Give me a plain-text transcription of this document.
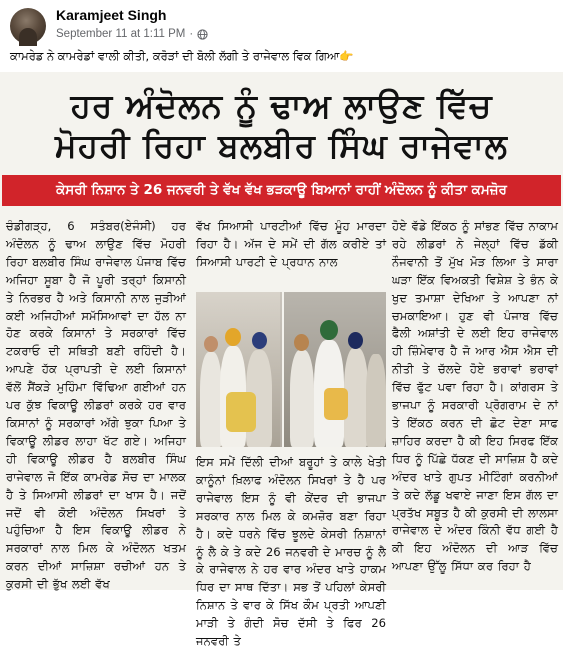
Karamjeet Singh
September 11 at 1:11 PM ·
ਕਾਮਰੇਡ ਨੇ ਕਾਮਰੇਡਾਂ ਵਾਲੀ ਕੀਤੀ, ਕਰੋੜਾਂ ਦੀ ਬੋਲੀ ਲੱਗੀ ਤੇ ਰਾਜੇਵਾਲ ਵਿਕ ਗਿਆ👉
ਹਰ ਅੰਦੋਲਨ ਨੂੰ ਢਾਅ ਲਾਉਣ ਵਿੱਚ
ਮੋਹਰੀ ਰਿਹਾ ਬਲਬੀਰ ਸਿੰਘ ਰਾਜੇਵਾਲ
ਕੇਸਰੀ ਨਿਸ਼ਾਨ ਤੇ 26 ਜਨਵਰੀ ਤੇ ਵੱਖ ਵੱਖ ਭੜਕਾਊ ਬਿਆਨਾਂ ਰਾਹੀਂ ਅੰਦੋਲਨ ਨੂੰ ਕੀਤਾ ਕਮਜ਼ੋਰ
ਚੰਡੀਗੜ੍ਹ, 6 ਸਤੰਬਰ(ਏਜੰਸੀ) ਹਰ ਅੰਦੋਲਨ ਨੂੰ ਢਾਅ ਲਾਉਣ ਵਿੱਚ ਮੋਹਰੀ ਰਿਹਾ ਬਲਬੀਰ ਸਿੰਘ ਰਾਜੇਵਾਲ ਪੰਜਾਬ ਵਿੱਚ ਅਜਿਹਾ ਸੂਬਾ ਹੈ ਜੋ ਪੂਰੀ ਤਰ੍ਹਾਂ ਕਿਸਾਨੀ ਤੇ ਨਿਰਭਰ ਹੈ ਅਤੇ ਕਿਸਾਨੀ ਨਾਲ ਜੁੜੀਆਂ ਕਈ ਅਜਿਹੀਆਂ ਸਮੱਸਿਆਵਾਂ ਦਾ ਹੱਲ ਨਾ ਹੋਣ ਕਰਕੇ ਕਿਸਾਨਾਂ ਤੇ ਸਰਕਾਰਾਂ ਵਿੱਚ ਟਕਰਾਓ ਦੀ ਸਥਿਤੀ ਬਣੀ ਰਹਿੰਦੀ ਹੈ। ਆਪਣੇ ਹੱਕ ਪ੍ਰਾਪਤੀ ਦੇ ਲਈ ਕਿਸਾਨਾਂ ਵੱਲੋਂ ਸੈਂਕੜੇ ਮੁਹਿੰਮਾ ਵਿੱਢਿਆ ਗਈਆਂ ਹਨ ਪਰ ਕੁੱਝ ਵਿਕਾਊ ਲੀਡਰਾਂ ਕਰਕੇ ਹਰ ਵਾਰ ਕਿਸਾਨਾਂ ਨੂੰ ਸਰਕਾਰਾਂ ਅੱਗੇ ਝੁਕਾ ਪਿਆ ਤੇ ਵਿਕਾਊ ਲੀਡਰ ਲਾਹਾ ਖੱਟ ਗਏ। ਅਜਿਹਾ ਹੀ ਵਿਕਾਊ ਲੀਡਰ ਹੈ ਬਲਬੀਰ ਸਿੰਘ ਰਾਜੇਵਾਲ ਜੋ ਇੱਕ ਕਾਮਰੇਡ ਸੋਚ ਦਾ ਮਾਲਕ ਹੈ ਤੇ ਸਿਆਸੀ ਲੀਡਰਾਂ ਦਾ ਖਾਸ ਹੈ। ਜਦੋਂ ਜਦੋਂ ਵੀ ਕੋਈ ਅੰਦੋਲਨ ਸਿਖਰਾਂ ਤੇ ਪਹੁੰਚਿਆ ਹੈ ਇਸ ਵਿਕਾਊ ਲੀਡਰ ਨੇ ਸਰਕਾਰਾਂ ਨਾਲ ਮਿਲ ਕੇ ਅੰਦੋਲਨ ਖਤਮ ਕਰਨ ਦੀਆਂ ਸਾਜ਼ਿਸ਼ਾ ਰਚੀਆਂ ਹਨ ਤੇ ਕੁਰਸੀ ਦੀ ਭੁੱਖ ਲਈ ਵੱਖ
ਵੱਖ ਸਿਆਸੀ ਪਾਰਟੀਆਂ ਵਿੱਚ ਮੂੰਹ ਮਾਰਦਾ ਰਿਹਾ ਹੈ। ਅੱਜ ਦੇ ਸਮੇਂ ਦੀ ਗੱਲ ਕਰੀਏ ਤਾਂ ਸਿਆਸੀ ਪਾਰਟੀ ਦੇ ਪ੍ਰਧਾਨ ਨਾਲ
ਇਸ ਸਮੇਂ ਦਿੱਲੀ ਦੀਆਂ ਬਰੂਹਾਂ ਤੇ ਕਾਲੇ ਖੇਤੀ ਕਾਨੂੰਨਾਂ ਖ਼ਿਲਾਫ ਅੰਦੋਲਨ ਸਿਖਰਾਂ ਤੇ ਹੈ ਪਰ ਰਾਜੇਵਾਲ ਇਸ ਨੂੰ ਵੀ ਕੇਂਦਰ ਦੀ ਭਾਜਪਾ ਸਰਕਾਰ ਨਾਲ ਮਿਲ ਕੇ ਕਮਜ਼ੋਰ ਬਣਾ ਰਿਹਾ ਹੈ। ਕਦੇ ਧਰਨੇ ਵਿੱਚ ਝੂਲਦੇ ਕੇਸਰੀ ਨਿਸ਼ਾਨਾਂ ਨੂੰ ਲੈ ਕੇ ਤੇ ਕਦੇ 26 ਜਨਵਰੀ ਦੇ ਮਾਰਚ ਨੂੰ ਲੈ ਕੇ ਰਾਜੇਵਾਲ ਨੇ ਹਰ ਵਾਰ ਅੰਦਰ ਖਾਤੇ ਹਾਕਮ ਧਿਰ ਦਾ ਸਾਥ ਦਿੱਤਾ। ਸਭ ਤੋਂ ਪਹਿਲਾਂ ਕੇਸਰੀ ਨਿਸ਼ਾਨ ਤੇ ਵਾਰ ਕੇ ਸਿੱਖ ਕੌਮ ਪ੍ਰਤੀ ਆਪਣੀ ਮਾੜੀ ਤੇ ਗੰਦੀ ਸੋਚ ਦੱਸੀ ਤੇ ਫਿਰ 26 ਜਨਵਰੀ ਤੇ
ਹੋਏ ਵੱਡੇ ਇੱਕਠ ਨੂੰ ਸਾਂਭਣ ਵਿੱਚ ਨਾਕਾਮ ਰਹੇ ਲੀਡਰਾਂ ਨੇ ਜੇਲ੍ਹਾਂ ਵਿੱਚ ਡੱਕੀ ਨੌਜਵਾਨੀ ਤੋਂ ਮੁੱਖ ਮੋੜ ਲਿਆ ਤੇ ਸਾਰਾ ਘੜਾ ਇੱਕ ਵਿਅਕਤੀ ਵਿਸ਼ੇਸ਼ ਤੇ ਭੰਨ ਕੇ ਖੁਦ ਤਮਾਸ਼ਾ ਦੇਖਿਆ ਤੇ ਆਪਣਾ ਨਾਂ ਚਮਕਾਇਆ। ਹੁਣ ਵੀ ਪੰਜਾਬ ਵਿੱਚ ਫੈਲੀ ਅਸ਼ਾਂਤੀ ਦੇ ਲਈ ਇਹ ਰਾਜੇਵਾਲ ਹੀ ਜ਼ਿੰਮੇਵਾਰ ਹੈ ਜੋ ਆਰ ਐਸ ਐਸ ਦੀ ਨੀਤੀ ਤੇ ਚੱਲਦੇ ਹੋਏ ਭਰਾਵਾਂ ਭਰਾਵਾਂ ਵਿੱਚ ਫੁੱਟ ਪਵਾ ਰਿਹਾ ਹੈ। ਕਾਂਗਰਸ ਤੇ ਭਾਜਪਾ ਨੂੰ ਸਰਕਾਰੀ ਪ੍ਰੋਗਰਾਮ ਦੇ ਨਾਂ ਤੇ ਇੱਕਠ ਕਰਨ ਦੀ ਛੋਟ ਦੇਣਾ ਸਾਫ ਜ਼ਾਹਿਰ ਕਰਦਾ ਹੈ ਕੀ ਇਹ ਸਿਰਫ ਇੱਕ ਧਿਰ ਨੂੰ ਪਿੱਛੇ ਧੱਕਣ ਦੀ ਸਾਜ਼ਿਸ਼ ਹੈ ਕਦੇ ਅੰਦਰ ਖਾਤੇ ਗੁਪਤ ਮੀਟਿੰਗਾਂ ਕਰਨੀਆਂ ਤੇ ਕਦੇ ਲੱਡੂ ਖਵਾਏ ਜਾਣਾ ਇਸ ਗੱਲ ਦਾ ਪ੍ਰਤੱਖ ਸਬੂਤ ਹੈ ਕੀ ਕੁਰਸੀ ਦੀ ਲਾਲਸਾ ਰਾਜੇਵਾਲ ਦੇ ਅੰਦਰ ਕਿੰਨੀ ਵੱਧ ਗਈ ਹੈ ਕੀ ਇਹ ਅੰਦੋਲਨ ਦੀ ਆੜ ਵਿੱਚ ਆਪਣਾ ਉੱਲੂ ਸਿੱਧਾ ਕਰ ਰਿਹਾ ਹੈ
